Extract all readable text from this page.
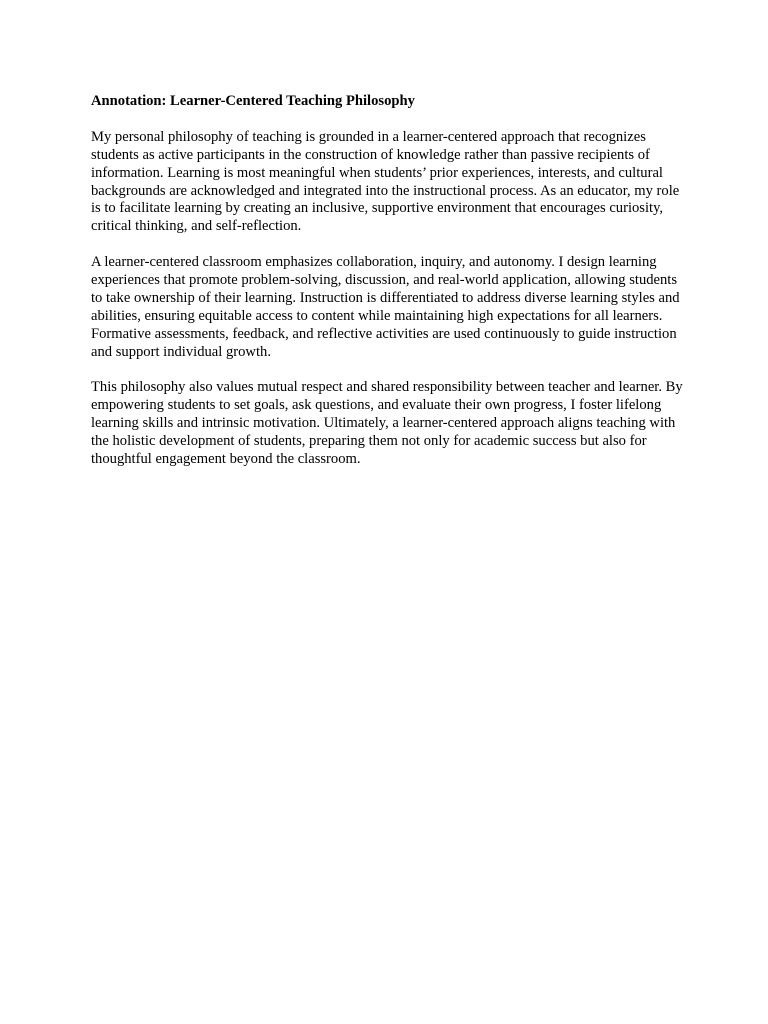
Annotation: Learner-Centered Teaching Philosophy

My personal philosophy of teaching is grounded in a learner-centered approach that recognizes students as active participants in the construction of knowledge rather than passive recipients of information. Learning is most meaningful when students’ prior experiences, interests, and cultural backgrounds are acknowledged and integrated into the instructional process. As an educator, my role is to facilitate learning by creating an inclusive, supportive environment that encourages curiosity, critical thinking, and self-reflection.

A learner-centered classroom emphasizes collaboration, inquiry, and autonomy. I design learning experiences that promote problem-solving, discussion, and real-world application, allowing students to take ownership of their learning. Instruction is differentiated to address diverse learning styles and abilities, ensuring equitable access to content while maintaining high expectations for all learners. Formative assessments, feedback, and reflective activities are used continuously to guide instruction and support individual growth.

This philosophy also values mutual respect and shared responsibility between teacher and learner. By empowering students to set goals, ask questions, and evaluate their own progress, I foster lifelong learning skills and intrinsic motivation. Ultimately, a learner-centered approach aligns teaching with the holistic development of students, preparing them not only for academic success but also for thoughtful engagement beyond the classroom.
